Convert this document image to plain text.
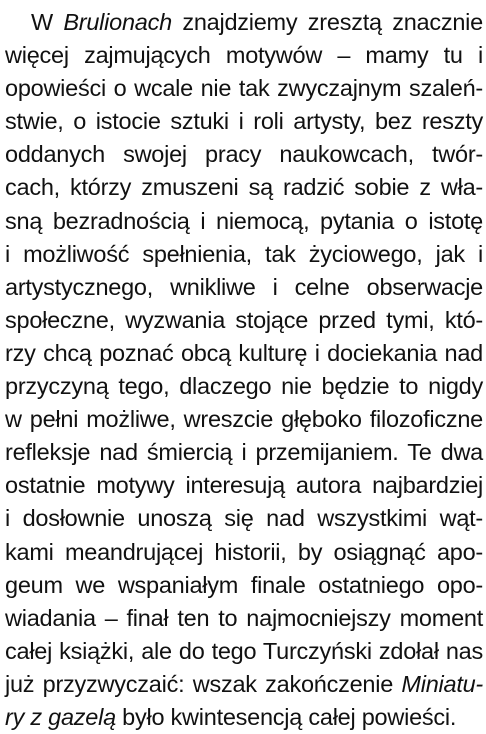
W Brulionach znajdziemy zresztą znacznie
więcej zajmujących motywów – mamy tu i
opowieści o wcale nie tak zwyczajnym szaleń-
stwie, o istocie sztuki i roli artysty, bez reszty
oddanych swojej pracy naukowcach, twór-
cach, którzy zmuszeni są radzić sobie z wła-
sną bezradnością i niemocą, pytania o istotę
i możliwość spełnienia, tak życiowego, jak i
artystycznego, wnikliwe i celne obserwacje
społeczne, wyzwania stojące przed tymi, któ-
rzy chcą poznać obcą kulturę i dociekania nad
przyczyną tego, dlaczego nie będzie to nigdy
w pełni możliwe, wreszcie głęboko filozoficzne
refleksje nad śmiercią i przemijaniem. Te dwa
ostatnie motywy interesują autora najbardziej
i dosłownie unoszą się nad wszystkimi wąt-
kami meandrującej historii, by osiągnąć apo-
geum we wspaniałym finale ostatniego opo-
wiadania – finał ten to najmocniejszy moment
całej książki, ale do tego Turczyński zdołał nas
już przyzwyczaić: wszak zakończenie Miniatu-
ry z gazelą było kwintesencją całej powieści.
